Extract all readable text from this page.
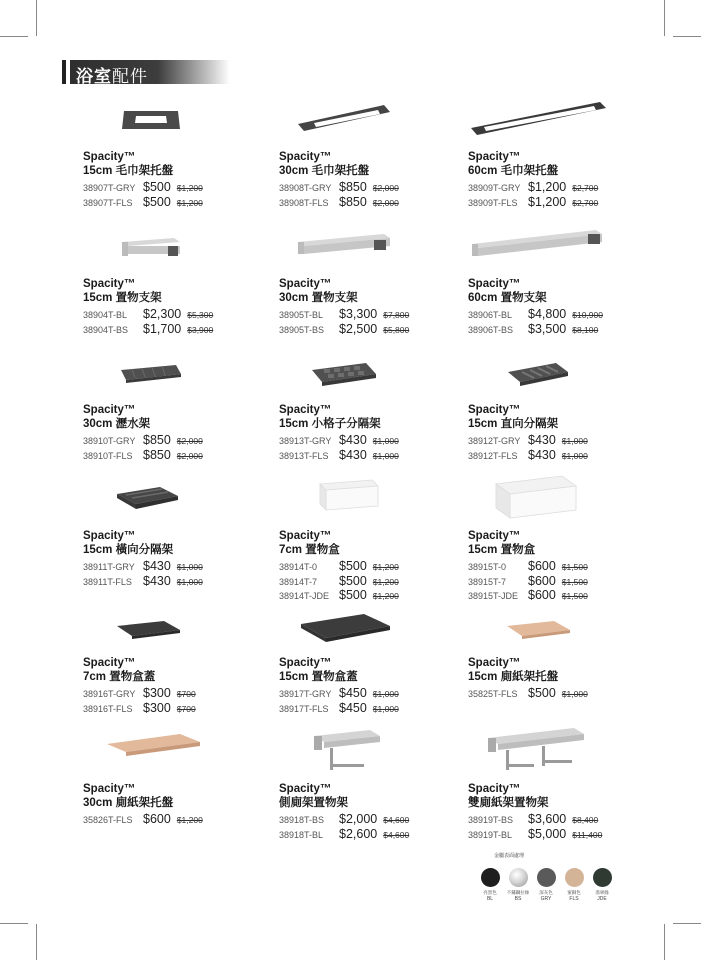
浴室配件
Spacity™
15cm 毛巾架托盤
38907T-GRY $500 $1,200
38907T-FLS $500 $1,200
Spacity™
30cm 毛巾架托盤
38908T-GRY $850 $2,000
38908T-FLS $850 $2,000
Spacity™
60cm 毛巾架托盤
38909T-GRY $1,200 $2,700
38909T-FLS $1,200 $2,700
Spacity™
15cm 置物支架
38904T-BL $2,300 $5,300
38904T-BS $1,700 $3,900
Spacity™
30cm 置物支架
38905T-BL $3,300 $7,800
38905T-BS $2,500 $5,800
Spacity™
60cm 置物支架
38906T-BL $4,800 $10,900
38906T-BS $3,500 $8,100
Spacity™
30cm 瀝水架
38910T-GRY $850 $2,000
38910T-FLS $850 $2,000
Spacity™
15cm 小格子分隔架
38913T-GRY $430 $1,000
38913T-FLS $430 $1,000
Spacity™
15cm 直向分隔架
38912T-GRY $430 $1,000
38912T-FLS $430 $1,000
Spacity™
15cm 橫向分隔架
38911T-GRY $430 $1,000
38911T-FLS $430 $1,000
Spacity™
7cm 置物盒
38914T-0 $500 $1,200
38914T-7 $500 $1,200
38914T-JDE $500 $1,200
Spacity™
15cm 置物盒
38915T-0 $600 $1,500
38915T-7 $600 $1,500
38915T-JDE $600 $1,500
Spacity™
7cm 置物盒蓋
38916T-GRY $300 $700
38916T-FLS $300 $700
Spacity™
15cm 置物盒蓋
38917T-GRY $450 $1,000
38917T-FLS $450 $1,000
Spacity™
15cm 廁紙架托盤
35825T-FLS $500 $1,000
Spacity™
30cm 廁紙架托盤
35826T-FLS $600 $1,200
Spacity™
側廁架置物架
38918T-BS $2,000 $4,600
38918T-BL $2,600 $4,600
Spacity™
雙廁紙架置物架
38919T-BS $3,600 $8,400
38919T-BL $5,000 $11,400
金屬表面處理
亮黑色
BL
不鏽鋼拉絲
BS
深灰色
GRY
蜜銅色
FLS
翡翠綠
JDE
